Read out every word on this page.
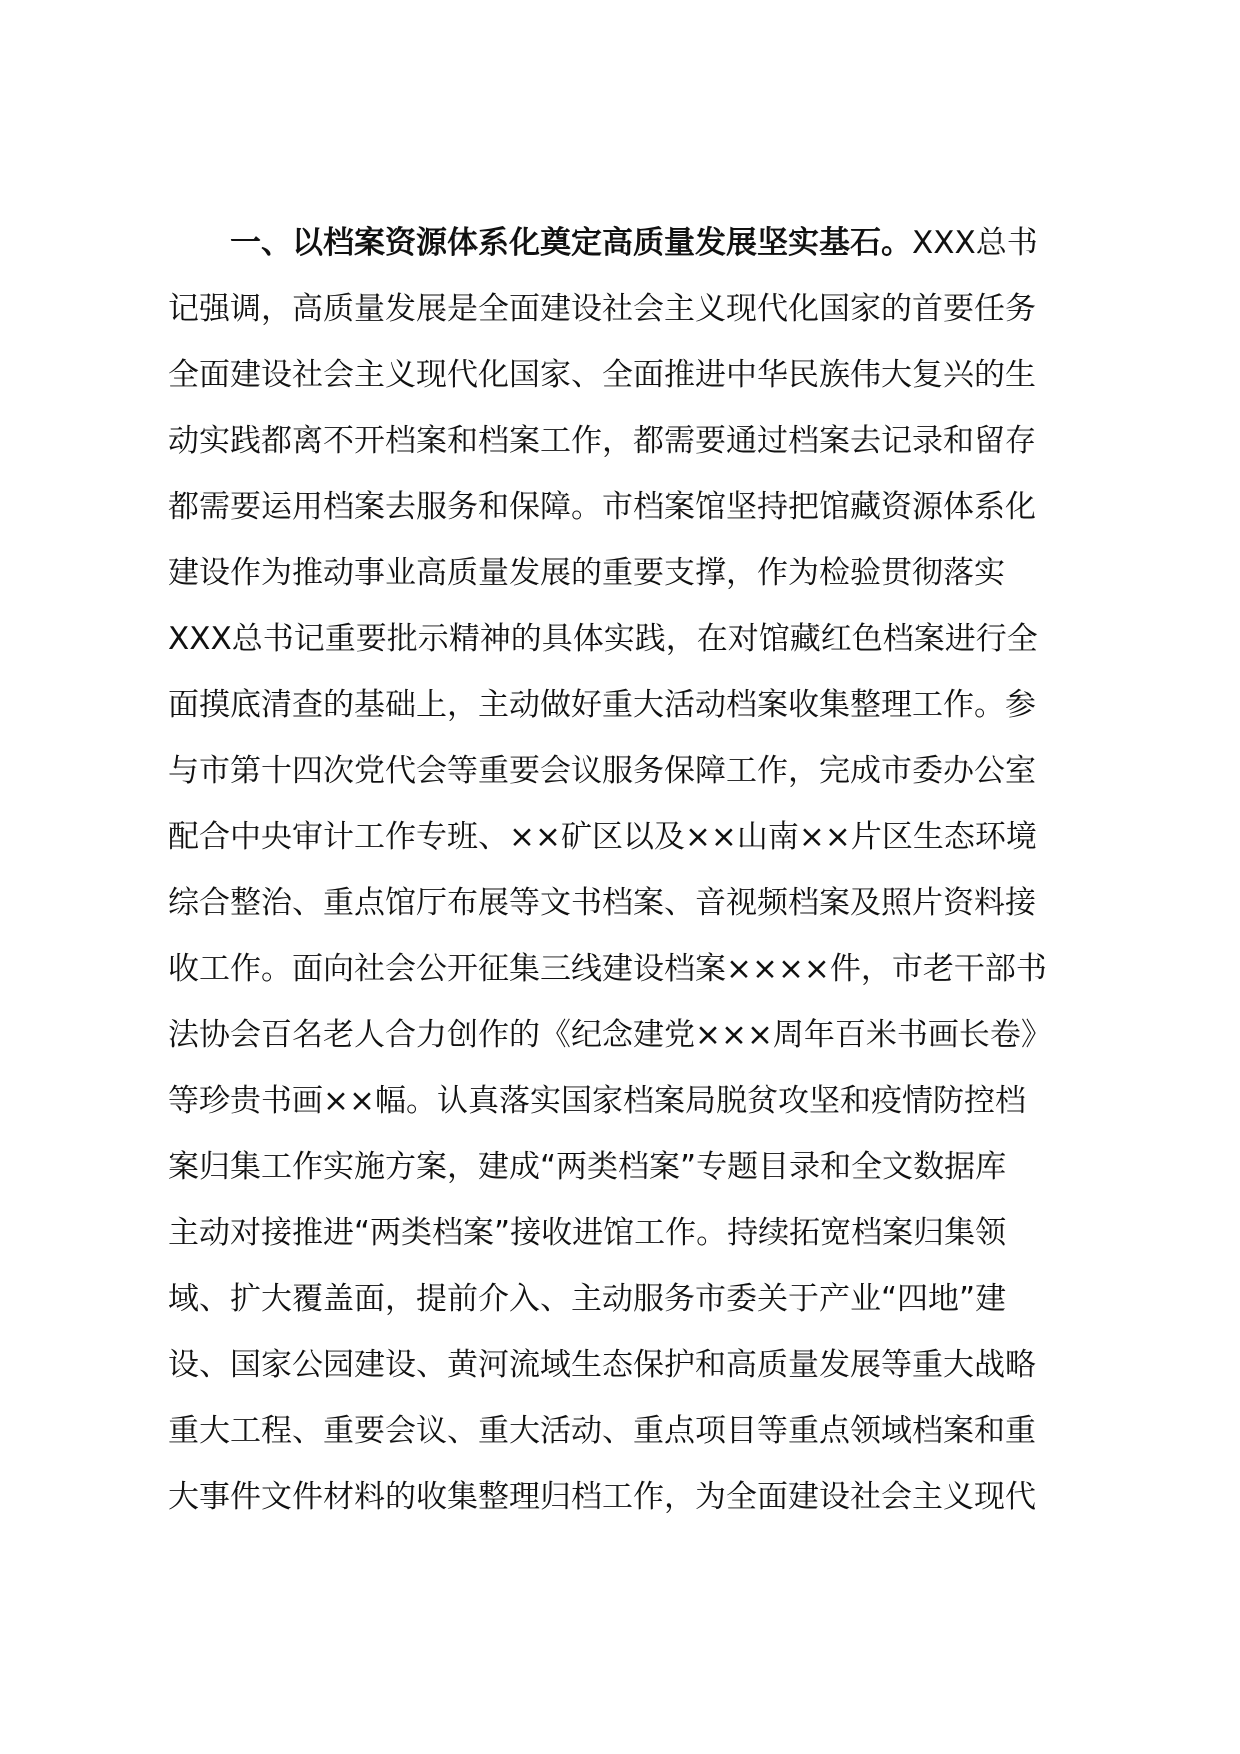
一、以档案资源体系化奠定高质量发展坚实基石。XXX总书
记强调，高质量发展是全面建设社会主义现代化国家的首要任务
全面建设社会主义现代化国家、全面推进中华民族伟大复兴的生
动实践都离不开档案和档案工作，都需要通过档案去记录和留存
都需要运用档案去服务和保障。市档案馆坚持把馆藏资源体系化
建设作为推动事业高质量发展的重要支撑，作为检验贯彻落实
XXX总书记重要批示精神的具体实践，在对馆藏红色档案进行全
面摸底清查的基础上，主动做好重大活动档案收集整理工作。参
与市第十四次党代会等重要会议服务保障工作，完成市委办公室
配合中央审计工作专班、××矿区以及××山南××片区生态环境
综合整治、重点馆厅布展等文书档案、音视频档案及照片资料接
收工作。面向社会公开征集三线建设档案××××件，市老干部书
法协会百名老人合力创作的《纪念建党×××周年百米书画长卷》
等珍贵书画××幅。认真落实国家档案局脱贫攻坚和疫情防控档
案归集工作实施方案，建成“两类档案”专题目录和全文数据库
主动对接推进“两类档案”接收进馆工作。持续拓宽档案归集领
域、扩大覆盖面，提前介入、主动服务市委关于产业“四地”建
设、国家公园建设、黄河流域生态保护和高质量发展等重大战略
重大工程、重要会议、重大活动、重点项目等重点领域档案和重
大事件文件材料的收集整理归档工作，为全面建设社会主义现代
